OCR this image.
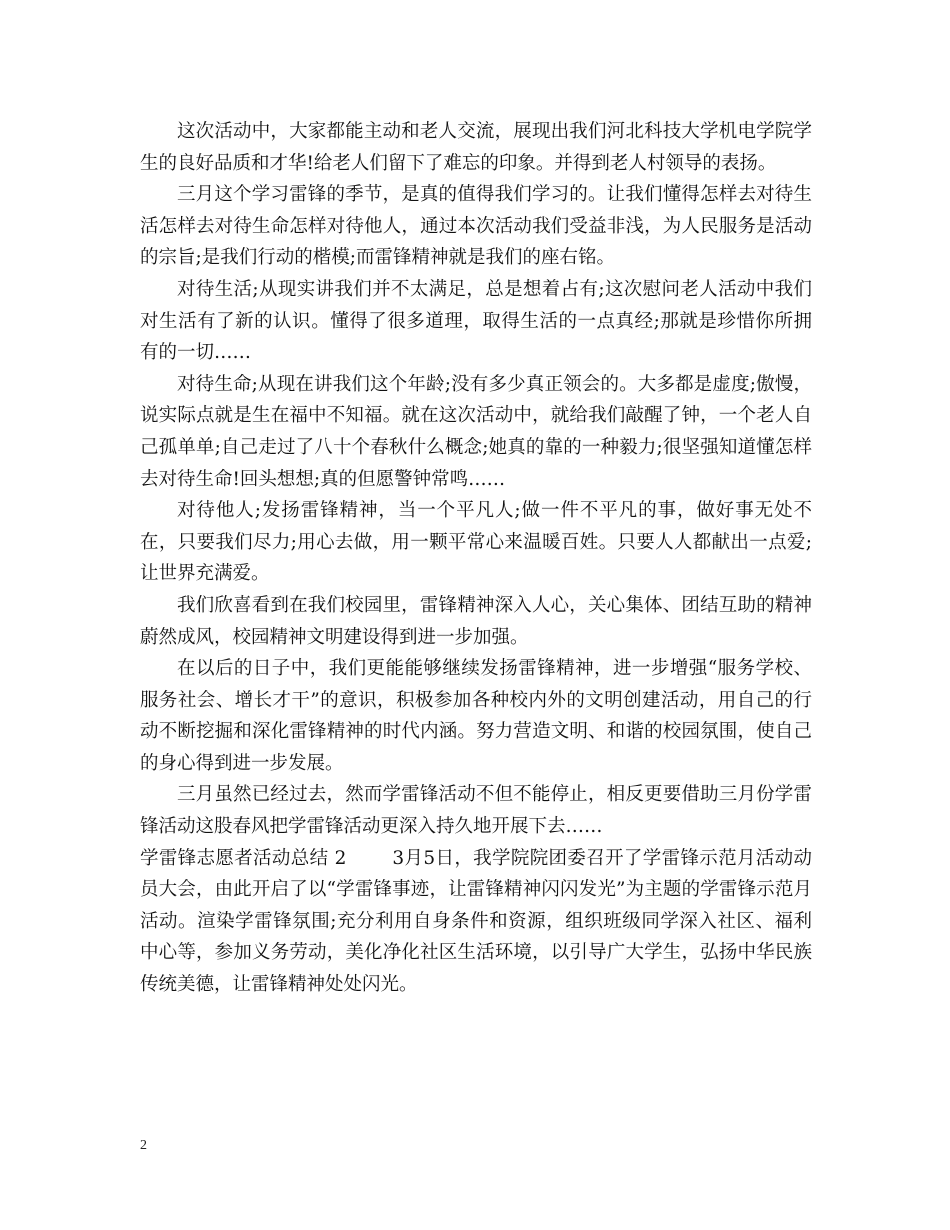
这次活动中，大家都能主动和老人交流，展现出我们河北科技大学机电学院学生的良好品质和才华!给老人们留下了难忘的印象。并得到老人村领导的表扬。

三月这个学习雷锋的季节，是真的值得我们学习的。让我们懂得怎样去对待生活怎样去对待生命怎样对待他人，通过本次活动我们受益非浅，为人民服务是活动的宗旨;是我们行动的楷模;而雷锋精神就是我们的座右铭。

对待生活;从现实讲我们并不太满足，总是想着占有;这次慰问老人活动中我们对生活有了新的认识。懂得了很多道理，取得生活的一点真经;那就是珍惜你所拥有的一切……

对待生命;从现在讲我们这个年龄;没有多少真正领会的。大多都是虚度;傲慢，说实际点就是生在福中不知福。就在这次活动中，就给我们敲醒了钟，一个老人自己孤单单;自己走过了八十个春秋什么概念;她真的靠的一种毅力;很坚强知道懂怎样去对待生命!回头想想;真的但愿警钟常鸣……

对待他人;发扬雷锋精神，当一个平凡人;做一件不平凡的事，做好事无处不在，只要我们尽力;用心去做，用一颗平常心来温暖百姓。只要人人都献出一点爱;让世界充满爱。

我们欣喜看到在我们校园里，雷锋精神深入人心，关心集体、团结互助的精神蔚然成风，校园精神文明建设得到进一步加强。

在以后的日子中，我们更能能够继续发扬雷锋精神，进一步增强“服务学校、服务社会、增长才干”的意识，积极参加各种校内外的文明创建活动，用自己的行动不断挖掘和深化雷锋精神的时代内涵。努力营造文明、和谐的校园氛围，使自己的身心得到进一步发展。

三月虽然已经过去，然而学雷锋活动不但不能停止，相反更要借助三月份学雷锋活动这股春风把学雷锋活动更深入持久地开展下去……

学雷锋志愿者活动总结 2 3月5日，我学院院团委召开了学雷锋示范月活动动员大会，由此开启了以“学雷锋事迹，让雷锋精神闪闪发光”为主题的学雷锋示范月活动。渲染学雷锋氛围;充分利用自身条件和资源，组织班级同学深入社区、福利中心等，参加义务劳动，美化净化社区生活环境，以引导广大学生，弘扬中华民族传统美德，让雷锋精神处处闪光。

2
